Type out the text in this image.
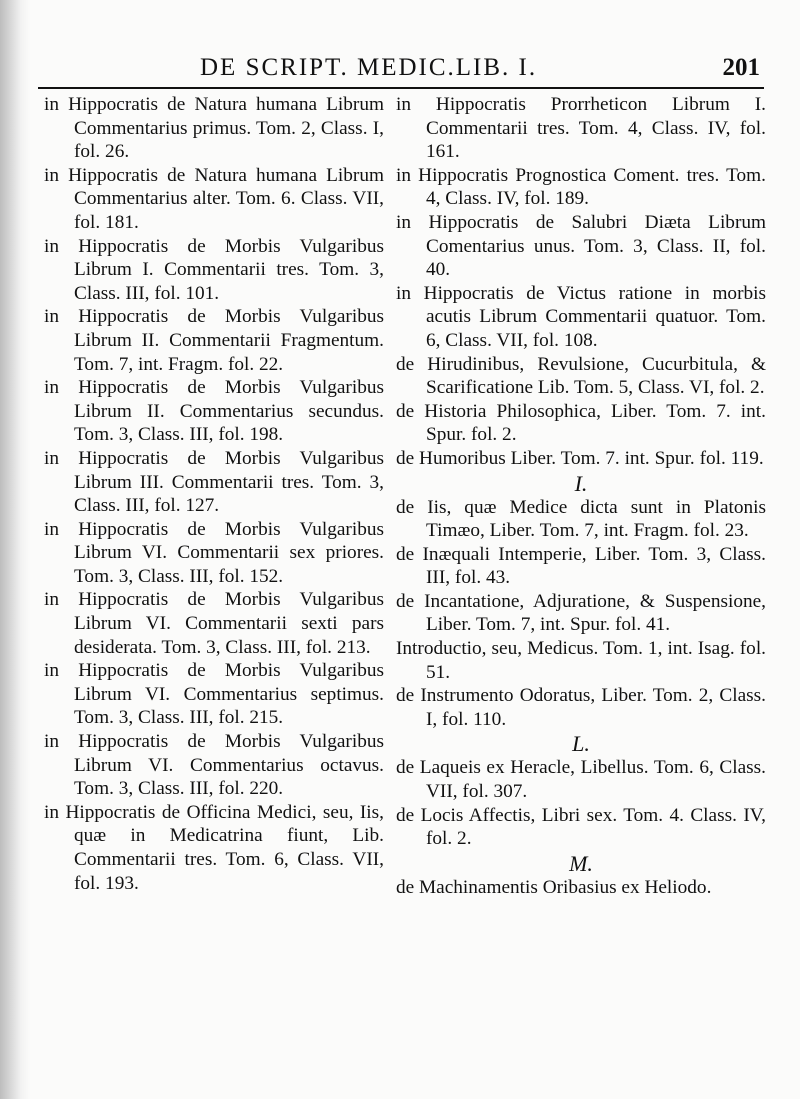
DE SCRIPT. MEDIC.LIB. I.	201

in Hippocratis de Natura humana Librum Commentarius primus. Tom. 2, Class. I, fol. 26.

in Hippocratis de Natura humana Librum Commentarius alter. Tom. 6. Class. VII, fol. 181.

in Hippocratis de Morbis Vulgaribus Librum I. Commentarii tres. Tom. 3, Class. III, fol. 101.

in Hippocratis de Morbis Vulgaribus Librum II. Commentarii Fragmentum. Tom. 7, int. Fragm. fol. 22.

in Hippocratis de Morbis Vulgaribus Librum II. Commentarius secundus. Tom. 3, Class. III, fol. 198.

in Hippocratis de Morbis Vulgaribus Librum III. Commentarii tres. Tom. 3, Class. III, fol. 127.

in Hippocratis de Morbis Vulgaribus Librum VI. Commentarii sex priores. Tom. 3, Class. III, fol. 152.

in Hippocratis de Morbis Vulgaribus Librum VI. Commentarii sexti pars desiderata. Tom. 3, Class. III, fol. 213.

in Hippocratis de Morbis Vulgaribus Librum VI. Commentarius septimus. Tom. 3, Class. III, fol. 215.

in Hippocratis de Morbis Vulgaribus Librum VI. Commentarius octavus. Tom. 3, Class. III, fol. 220.

in Hippocratis de Officina Medici, seu, Iis, quæ in Medicatrina fiunt, Lib. Commentarii tres. Tom. 6, Class. VII, fol. 193.

in Hippocratis Prorrheticon Librum I. Commentarii tres. Tom. 4, Class. IV, fol. 161.

in Hippocratis Prognostica Coment. tres. Tom. 4, Class. IV, fol. 189.

in Hippocratis de Salubri Diæta Librum Comentarius unus. Tom. 3, Class. II, fol. 40.

in Hippocratis de Victus ratione in morbis acutis Librum Commentarii quatuor. Tom. 6, Class. VII, fol. 108.

de Hirudinibus, Revulsione, Cucurbitula, & Scarificatione Lib. Tom. 5, Class. VI, fol. 2.

de Historia Philosophica, Liber. Tom. 7. int. Spur. fol. 2.

de Humoribus Liber. Tom. 7. int. Spur. fol. 119.

I.

de Iis, quæ Medice dicta sunt in Platonis Timæo, Liber. Tom. 7, int. Fragm. fol. 23.

de Inæquali Intemperie, Liber. Tom. 3, Class. III, fol. 43.

de Incantatione, Adjuratione, & Suspensione, Liber. Tom. 7, int. Spur. fol. 41.

Introductio, seu, Medicus. Tom. 1, int. Isag. fol. 51.

de Instrumento Odoratus, Liber. Tom. 2, Class. I, fol. 110.

L.

de Laqueis ex Heracle, Libellus. Tom. 6, Class. VII, fol. 307.

de Locis Affectis, Libri sex. Tom. 4. Class. IV, fol. 2.

M.

de Machinamentis Oribasius ex Heliodo.
